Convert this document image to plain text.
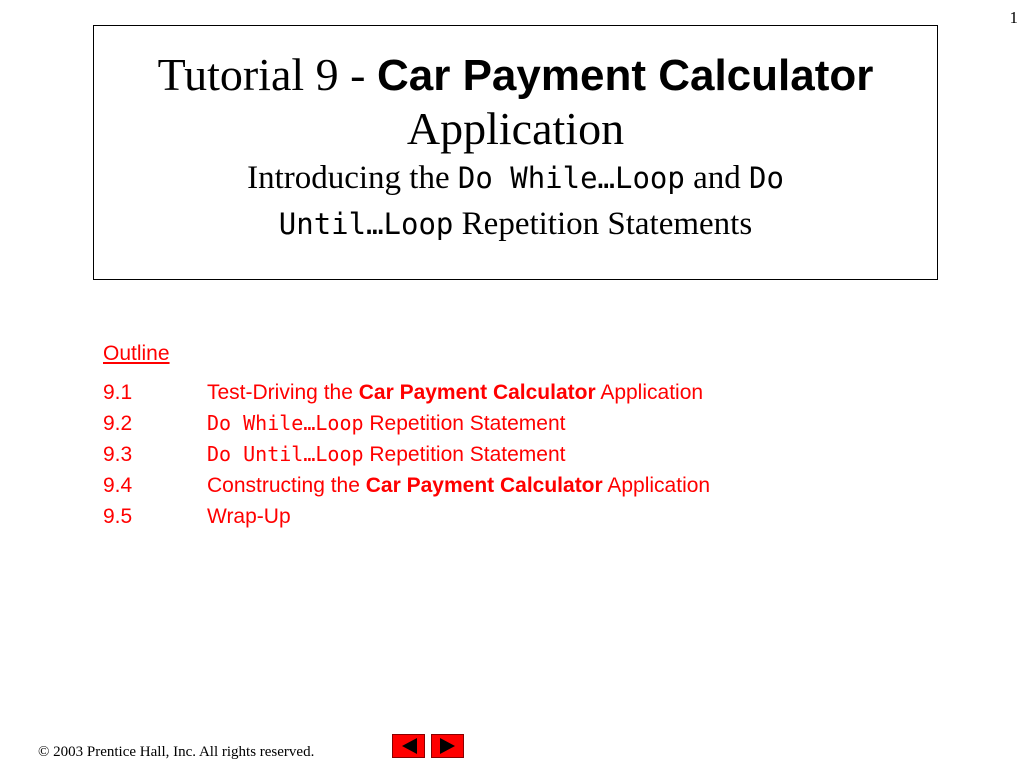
1
Tutorial 9 - Car Payment Calculator
Application
Introducing the Do While…Loop and Do
Until…Loop Repetition Statements
Outline
9.1	Test-Driving the Car Payment Calculator Application
9.2	Do While…Loop Repetition Statement
9.3	Do Until…Loop Repetition Statement
9.4	Constructing the Car Payment Calculator Application
9.5	Wrap-Up
© 2003 Prentice Hall, Inc. All rights reserved.
